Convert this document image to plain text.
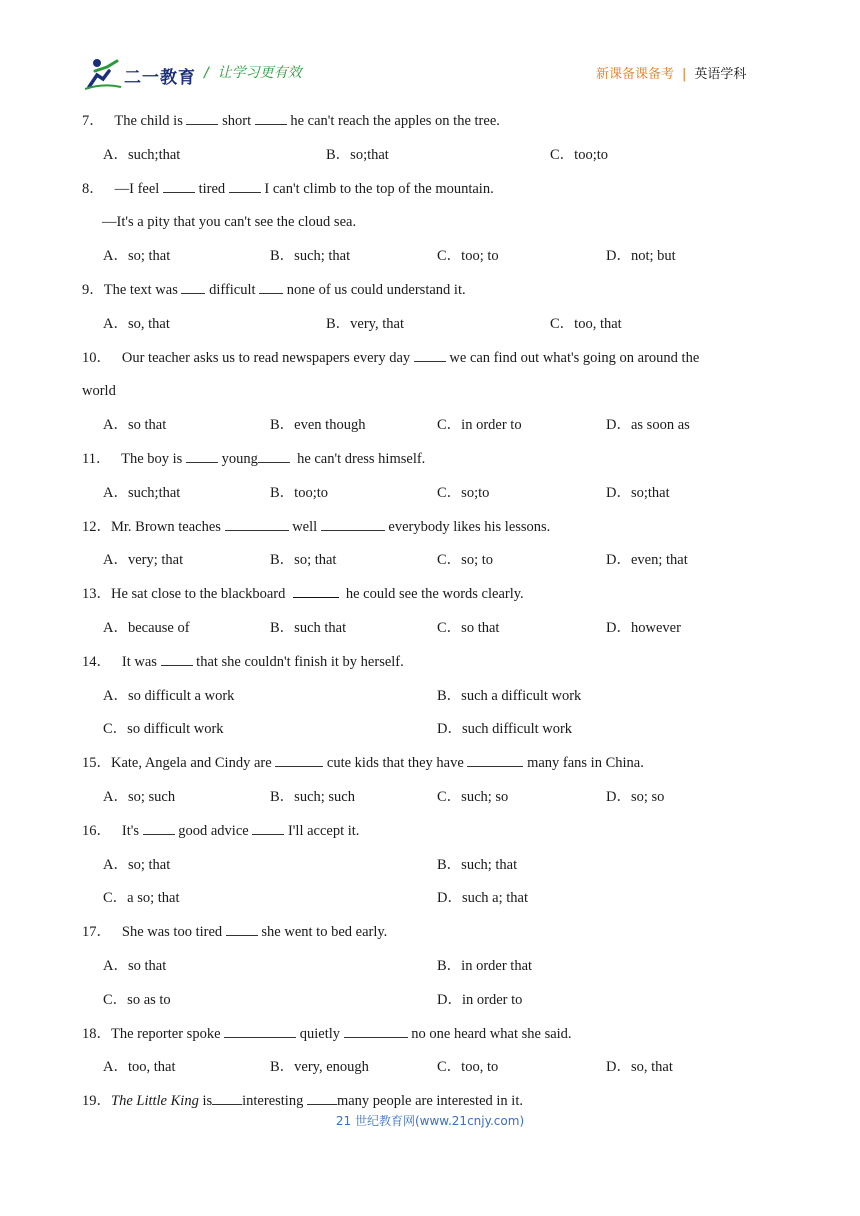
二一教育 /  让学习更有效	新课备课备考 | 英语学科
7． The child is  short  he can't reach the apples on the tree.
A．such;that	B．so;that	C．too;to
8． —I feel  tired  I can't climb to the top of the mountain.
—It's a pity that you can't see the cloud sea.
A．so; that	B．such; that	C．too; to	D．not; but
9．The text was  difficult  none of us could understand it.
A．so, that	B．very, that	C．too, that
10． Our teacher asks us to read newspapers every day  we can find out what's going on around the
world
A．so that	B．even though	C．in order to	D．as soon as
11． The boy is  young  he can't dress himself.
A．such;that	B．too;to	C．so;to	D．so;that
12．Mr. Brown teaches	well	everybody likes his lessons.
A．very; that	B．so; that	C．so; to	D．even; that
13．He sat close to the blackboard	he could see the words clearly.
A．because of	B．such that	C．so that	D．however
14． It was  that she couldn't finish it by herself.
A．so difficult a work	B．such a difficult work
C．so difficult work	D．such difficult work
15．Kate, Angela and Cindy are	cute kids that they have	many fans in China.
A．so; such	B．such; such	C．such; so	D．so; so
16． It's  good advice  I'll accept it.
A．so; that	B．such; that
C．a so; that	D．such a; that
17． She was too tired  she went to bed early.
A．so that	B．in order that
C．so as to	D．in order to
18．The reporter spoke	quietly	no one heard what she said.
A．too, that	B．very, enough	C．too, to	D．so, that
19．The Little King is interesting many people are interested in it.
21 世纪教育网(www.21cnjy.com)
